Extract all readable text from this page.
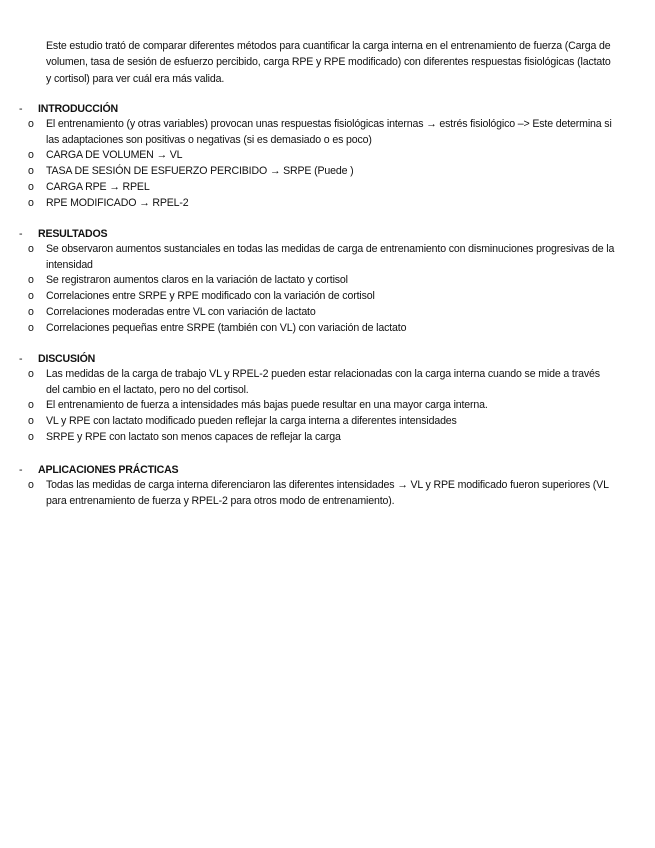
Este estudio trató de comparar diferentes métodos para cuantificar la carga interna en el entrenamiento de fuerza (Carga de volumen, tasa de sesión de esfuerzo percibido, carga RPE y RPE modificado) con diferentes respuestas fisiológicas (lactato y cortisol) para ver cuál era más valida.

- INTRODUCCIÓN
o El entrenamiento (y otras variables) provocan unas respuestas fisiológicas internas → estrés fisiológico –> Este determina si las adaptaciones son positivas o negativas (si es demasiado o es poco)
o CARGA DE VOLUMEN → VL
o TASA DE SESIÓN DE ESFUERZO PERCIBIDO → SRPE (Puede )
o CARGA RPE → RPEL
o RPE MODIFICADO → RPEL-2
- RESULTADOS
o Se observaron aumentos sustanciales en todas las medidas de carga de entrenamiento con disminuciones progresivas de la intensidad
o Se registraron aumentos claros en la variación de lactato y cortisol
o Correlaciones entre SRPE y RPE modificado con la variación de cortisol
o Correlaciones moderadas entre VL con variación de lactato
o Correlaciones pequeñas entre SRPE (también con VL) con variación de lactato
- DISCUSIÓN
o Las medidas de la carga de trabajo VL y RPEL-2 pueden estar relacionadas con la carga interna cuando se mide a través del cambio en el lactato, pero no del cortisol.
o El entrenamiento de fuerza a intensidades más bajas puede resultar en una mayor carga interna.
o VL y RPE con lactato modificado pueden reflejar la carga interna a diferentes intensidades
o SRPE y RPE con lactato son menos capaces de reflejar la carga
- APLICACIONES PRÁCTICAS
o Todas las medidas de carga interna diferenciaron las diferentes intensidades → VL y RPE modificado fueron superiores (VL para entrenamiento de fuerza y RPEL-2 para otros modo de entrenamiento).
